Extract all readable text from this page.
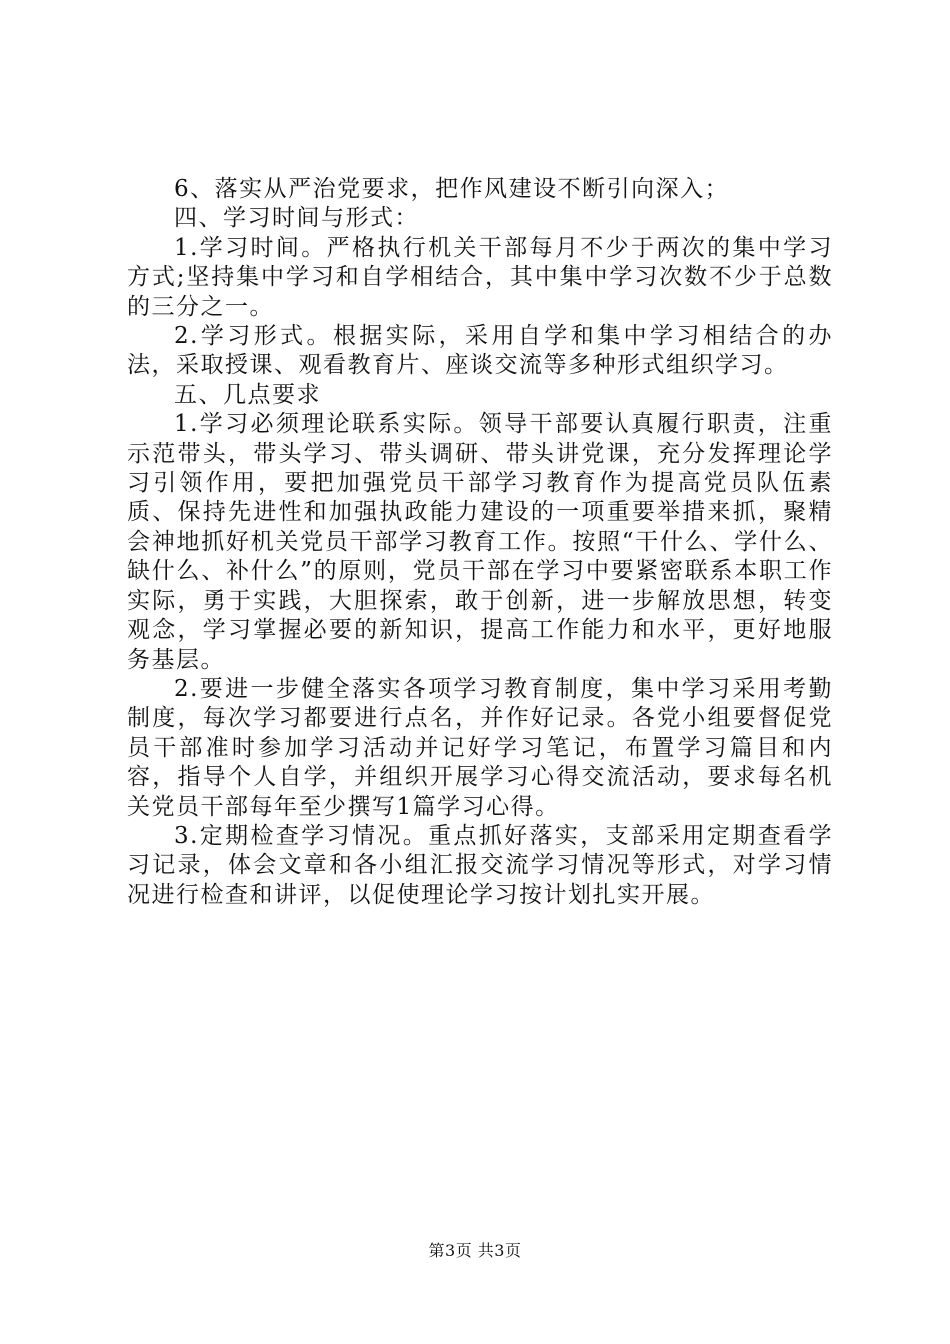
6、落实从严治党要求，把作风建设不断引向深入；

四、学习时间与形式：

1.学习时间。严格执行机关干部每月不少于两次的集中学习方式;坚持集中学习和自学相结合，其中集中学习次数不少于总数的三分之一。

2.学习形式。根据实际，采用自学和集中学习相结合的办法，采取授课、观看教育片、座谈交流等多种形式组织学习。

五、几点要求

1.学习必须理论联系实际。领导干部要认真履行职责，注重示范带头，带头学习、带头调研、带头讲党课，充分发挥理论学习引领作用，要把加强党员干部学习教育作为提高党员队伍素质、保持先进性和加强执政能力建设的一项重要举措来抓，聚精会神地抓好机关党员干部学习教育工作。按照“干什么、学什么、缺什么、补什么”的原则，党员干部在学习中要紧密联系本职工作实际，勇于实践，大胆探索，敢于创新，进一步解放思想，转变观念，学习掌握必要的新知识，提高工作能力和水平，更好地服务基层。

2.要进一步健全落实各项学习教育制度，集中学习采用考勤制度，每次学习都要进行点名，并作好记录。各党小组要督促党员干部准时参加学习活动并记好学习笔记，布置学习篇目和内容，指导个人自学，并组织开展学习心得交流活动，要求每名机关党员干部每年至少撰写1篇学习心得。

3.定期检查学习情况。重点抓好落实，支部采用定期查看学习记录，体会文章和各小组汇报交流学习情况等形式，对学习情况进行检查和讲评，以促使理论学习按计划扎实开展。

第3页 共3页
